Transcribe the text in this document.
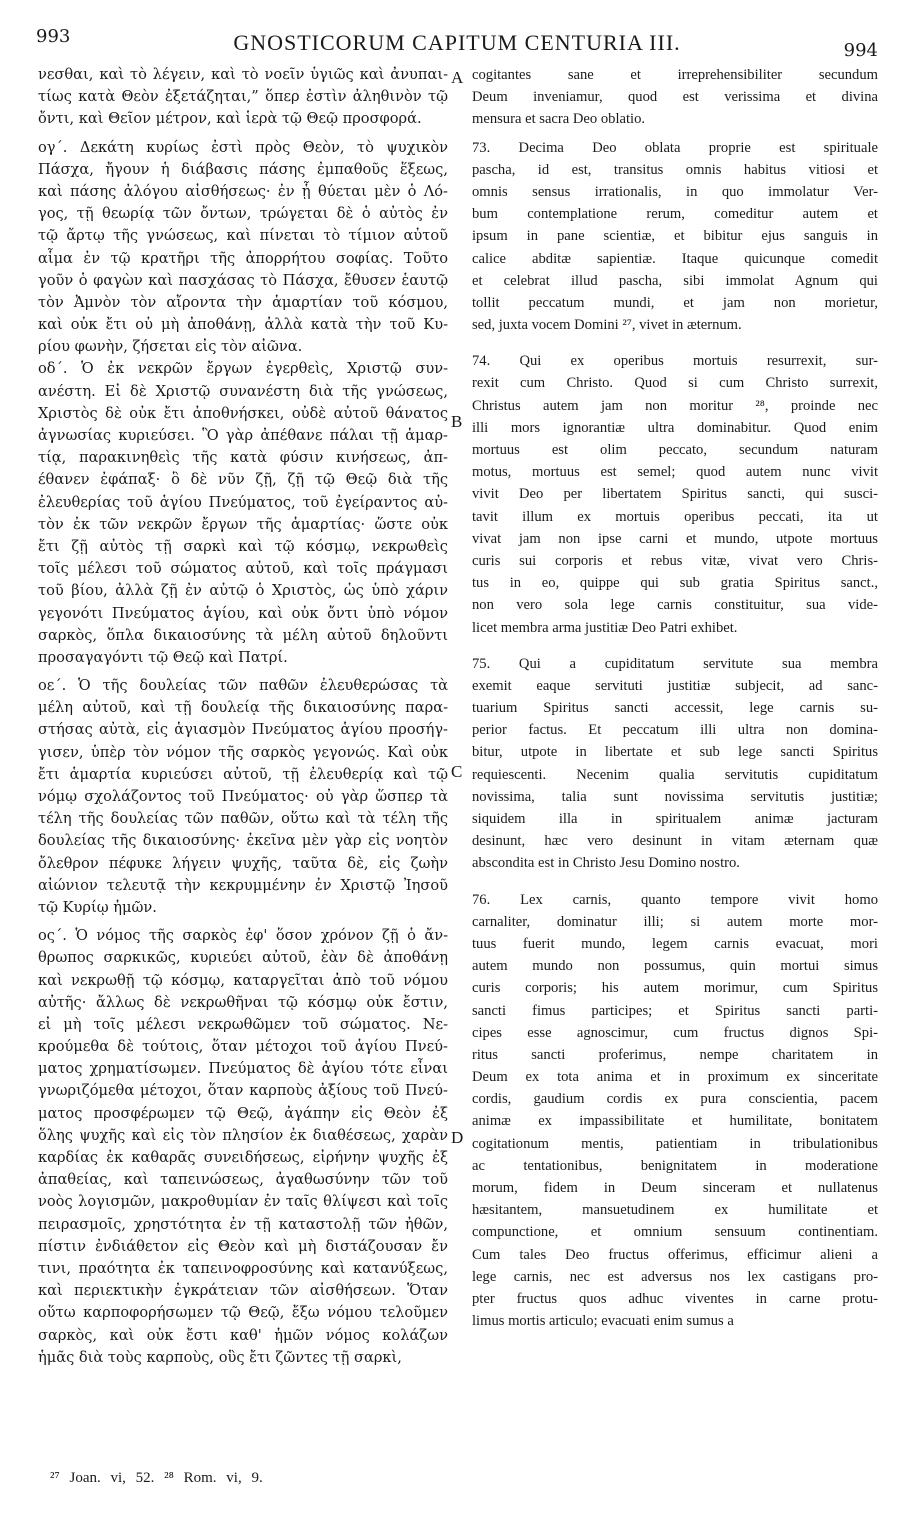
993	GNOSTICORUM CAPITUM CENTURIA III.	994
νεσθαι, καὶ τὸ λέγειν, καὶ τὸ νοεῖν ὑγιῶς καὶ ἀνυπαι-
τίως κατὰ Θεὸν ἐξετάζηται,” ὅπερ ἐστὶν ἀληθινὸν τῷ
ὄντι, καὶ Θεῖον μέτρον, καὶ ἱερὰ τῷ Θεῷ προσφορά.
ογ΄. Δεκάτη κυρίως ἐστὶ πρὸς Θεὸν, τὸ ψυχικὸν
Πάσχα, ἤγουν ἡ διάβασις πάσης ἐμπαθοῦς ἕξεως,
καὶ πάσης ἀλόγου αἰσθήσεως· ἐν ᾗ θύεται μὲν ὁ Λό-
γος, τῇ θεωρίᾳ τῶν ὄντων, τρώγεται δὲ ὁ αὐτὸς ἐν
τῷ ἄρτῳ τῆς γνώσεως, καὶ πίνεται τὸ τίμιον αὐτοῦ
αἷμα ἐν τῷ κρατῆρι τῆς ἀπορρήτου σοφίας. Τοῦτο
γοῦν ὁ φαγὼν καὶ πασχάσας τὸ Πάσχα, ἔθυσεν ἑαυτῷ
τὸν Ἀμνὸν τὸν αἴροντα τὴν ἁμαρτίαν τοῦ κόσμου,
καὶ οὐκ ἔτι οὐ μὴ ἀποθάνῃ, ἀλλὰ κατὰ τὴν τοῦ Κυ-
ρίου φωνὴν, ζήσεται εἰς τὸν αἰῶνα.
οδ΄. Ὁ ἐκ νεκρῶν ἔργων ἐγερθεὶς, Χριστῷ συν-
ανέστη. Εἰ δὲ Χριστῷ συνανέστη διὰ τῆς γνώσεως,
Χριστὸς δὲ οὐκ ἔτι ἀποθνήσκει, οὐδὲ αὐτοῦ θάνατος
ἀγνωσίας κυριεύσει. Ὃ γὰρ ἀπέθανε πάλαι τῇ ἁμαρ-
τίᾳ, παρακινηθεὶς τῆς κατὰ φύσιν κινήσεως, ἀπ-
έθανεν ἐφάπαξ· ὃ δὲ νῦν ζῇ, ζῇ τῷ Θεῷ διὰ τῆς
ἐλευθερίας τοῦ ἁγίου Πνεύματος, τοῦ ἐγείραντος αὐ-
τὸν ἐκ τῶν νεκρῶν ἔργων τῆς ἁμαρτίας· ὥστε οὐκ
ἔτι ζῇ αὐτὸς τῇ σαρκὶ καὶ τῷ κόσμῳ, νεκρωθεὶς
τοῖς μέλεσι τοῦ σώματος αὐτοῦ, καὶ τοῖς πράγμασι
τοῦ βίου, ἀλλὰ ζῇ ἐν αὐτῷ ὁ Χριστὸς, ὡς ὑπὸ χάριν
γεγονότι Πνεύματος ἁγίου, καὶ οὐκ ὄντι ὑπὸ νόμον
σαρκὸς, ὅπλα δικαιοσύνης τὰ μέλη αὐτοῦ δηλοῦντι
προσαγαγόντι τῷ Θεῷ καὶ Πατρί.
οε΄. Ὁ τῆς δουλείας τῶν παθῶν ἐλευθερώσας τὰ
μέλη αὐτοῦ, καὶ τῇ δουλείᾳ τῆς δικαιοσύνης παρα-
στήσας αὐτὰ, εἰς ἁγιασμὸν Πνεύματος ἁγίου προσήγ-
γισεν, ὑπὲρ τὸν νόμον τῆς σαρκὸς γεγονώς. Καὶ οὐκ
ἔτι ἁμαρτία κυριεύσει αὐτοῦ, τῇ ἐλευθερίᾳ καὶ τῷ
νόμῳ σχολάζοντος τοῦ Πνεύματος· οὐ γὰρ ὥσπερ τὰ
τέλη τῆς δουλείας τῶν παθῶν, οὕτω καὶ τὰ τέλη τῆς
δουλείας τῆς δικαιοσύνης· ἐκεῖνα μὲν γὰρ εἰς νοητὸν
ὄλεθρον πέφυκε λήγειν ψυχῆς, ταῦτα δὲ, εἰς ζωὴν
αἰώνιον τελευτᾷ τὴν κεκρυμμένην ἐν Χριστῷ Ἰησοῦ
τῷ Κυρίῳ ἡμῶν.
ος΄. Ὁ νόμος τῆς σαρκὸς ἐφ' ὅσον χρόνον ζῇ ὁ ἄν-
θρωπος σαρκικῶς, κυριεύει αὐτοῦ, ἐὰν δὲ ἀποθάνῃ
καὶ νεκρωθῇ τῷ κόσμῳ, καταργεῖται ἀπὸ τοῦ νόμου
αὐτῆς· ἄλλως δὲ νεκρωθῆναι τῷ κόσμῳ οὐκ ἔστιν,
εἰ μὴ τοῖς μέλεσι νεκρωθῶμεν τοῦ σώματος. Νε-
κρούμεθα δὲ τούτοις, ὅταν μέτοχοι τοῦ ἁγίου Πνεύ-
ματος χρηματίσωμεν. Πνεύματος δὲ ἁγίου τότε εἶναι
γνωριζόμεθα μέτοχοι, ὅταν καρποὺς ἀξίους τοῦ Πνεύ-
ματος προσφέρωμεν τῷ Θεῷ, ἀγάπην εἰς Θεὸν ἐξ
ὅλης ψυχῆς καὶ εἰς τὸν πλησίον ἐκ διαθέσεως, χαρὰν
καρδίας ἐκ καθαρᾶς συνειδήσεως, εἰρήνην ψυχῆς ἐξ
ἀπαθείας, καὶ ταπεινώσεως, ἀγαθωσύνην τῶν τοῦ
νοὸς λογισμῶν, μακροθυμίαν ἐν ταῖς θλίψεσι καὶ τοῖς
πειρασμοῖς, χρηστότητα ἐν τῇ καταστολῇ τῶν ἠθῶν,
πίστιν ἐνδιάθετον εἰς Θεὸν καὶ μὴ διστάζουσαν ἔν
τινι, πραότητα ἐκ ταπεινοφροσύνης καὶ κατανύξεως,
καὶ περιεκτικὴν ἐγκράτειαν τῶν αἰσθήσεων. Ὅταν
οὕτω καρποφορήσωμεν τῷ Θεῷ, ἔξω νόμου τελοῦμεν
σαρκὸς, καὶ οὐκ ἔστι καθ' ἡμῶν νόμος κολάζων
ἡμᾶς διὰ τοὺς καρποὺς, οὓς ἔτι ζῶντες τῇ σαρκὶ,
cogitantes sane et irreprehensibiliter secundum
Deum inveniamur, quod est verissima et divina
mensura et sacra Deo oblatio.
73. Decima Deo oblata proprie est spirituale
pascha, id est, transitus omnis habitus vitiosi et
omnis sensus irrationalis, in quo immolatur Ver-
bum contemplatione rerum, comeditur autem et
ipsum in pane scientiæ, et bibitur ejus sanguis in
calice abditæ sapientiæ. Itaque quicunque comedit
et celebrat illud pascha, sibi immolat Agnum qui
tollit peccatum mundi, et jam non morietur,
sed, juxta vocem Domini ²⁷, vivet in æternum.
74. Qui ex operibus mortuis resurrexit, sur-
rexit cum Christo. Quod si cum Christo surrexit,
Christus autem jam non moritur ²⁸, proinde nec
illi mors ignorantiæ ultra dominabitur. Quod enim
mortuus est olim peccato, secundum naturam
motus, mortuus est semel; quod autem nunc vivit
vivit Deo per libertatem Spiritus sancti, qui susci-
tavit illum ex mortuis operibus peccati, ita ut
vivat jam non ipse carni et mundo, utpote mortuus
curis sui corporis et rebus vitæ, vivat vero Chris-
tus in eo, quippe qui sub gratia Spiritus sanct.,
non vero sola lege carnis constituitur, sua vide-
licet membra arma justitiæ Deo Patri exhibet.
75. Qui a cupiditatum servitute sua membra
exemit eaque servituti justitiæ subjecit, ad sanc-
tuarium Spiritus sancti accessit, lege carnis su-
perior factus. Et peccatum illi ultra non domina-
bitur, utpote in libertate et sub lege sancti Spiritus
requiescenti. Necenim qualia servitutis cupiditatum
novissima, talia sunt novissima servitutis justitiæ;
siquidem illa in spiritualem animæ jacturam
desinunt, hæc vero desinunt in vitam æternam quæ
abscondita est in Christo Jesu Domino nostro.
76. Lex carnis, quanto tempore vivit homo
carnaliter, dominatur illi; si autem morte mor-
tuus fuerit mundo, legem carnis evacuat, mori
autem mundo non possumus, quin mortui simus
curis corporis; his autem morimur, cum Spiritus
sancti fimus participes; et Spiritus sancti parti-
cipes esse agnoscimur, cum fructus dignos Spi-
ritus sancti proferimus, nempe charitatem in
Deum ex tota anima et in proximum ex sinceritate
cordis, gaudium cordis ex pura conscientia, pacem
animæ ex impassibilitate et humilitate, bonitatem
cogitationum mentis, patientiam in tribulationibus
ac tentationibus, benignitatem in moderatione
morum, fidem in Deum sinceram et nullatenus
hæsitantem, mansuetudinem ex humilitate et
compunctione, et omnium sensuum continentiam.
Cum tales Deo fructus offerimus, efficimur alieni a
lege carnis, nec est adversus nos lex castigans pro-
pter fructus quos adhuc viventes in carne protu-
limus mortis articulo; evacuati enim sumus a
A
B
C
D
²⁷ Joan. vi, 52. ²⁸ Rom. vi, 9.
